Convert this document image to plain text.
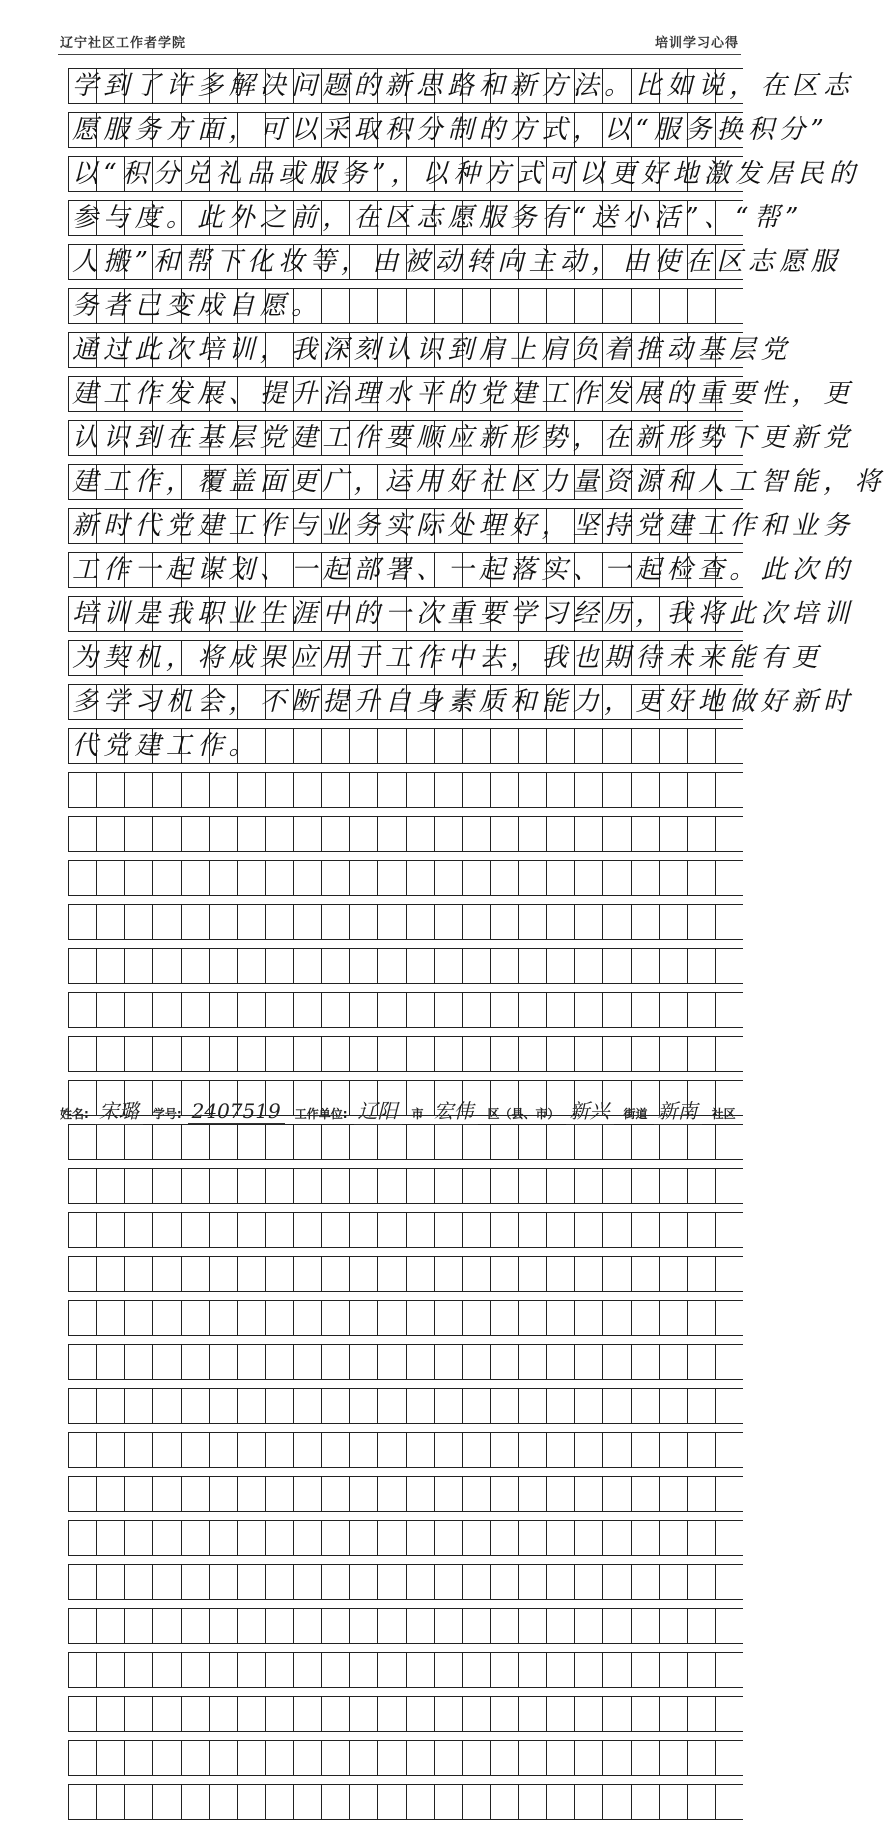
辽宁社区工作者学院	培训学习心得
学到了许多解决问题的新思路和新方法。比如说，在区志
愿服务方面，可以采取积分制的方式，以“服务换积分”
以“积分兑礼品或服务”，以种方式可以更好地激发居民的
参与度。此外之前，在区志愿服务有“送小活”、“帮”
人搬”和帮下化妆等，由被动转向主动，由使在区志愿服
务者已变成自愿。
通过此次培训，我深刻认识到肩上肩负着推动基层党
建工作发展、提升治理水平的党建工作发展的重要性，更
认识到在基层党建工作要顺应新形势，在新形势下更新党
建工作，覆盖面更广，运用好社区力量资源和人工智能，将
新时代党建工作与业务实际处理好，坚持党建工作和业务
工作一起谋划、一起部署、一起落实、一起检查。此次的
培训是我职业生涯中的一次重要学习经历，我将此次培训
为契机，将成果应用于工作中去，我也期待未来能有更
多学习机会，不断提升自身素质和能力，更好地做好新时
代党建工作。
姓名: 宋璐	学号: 2407519	工作单位: 辽阳	市 宏伟	区（县、市） 新兴	街道 新南	社区
